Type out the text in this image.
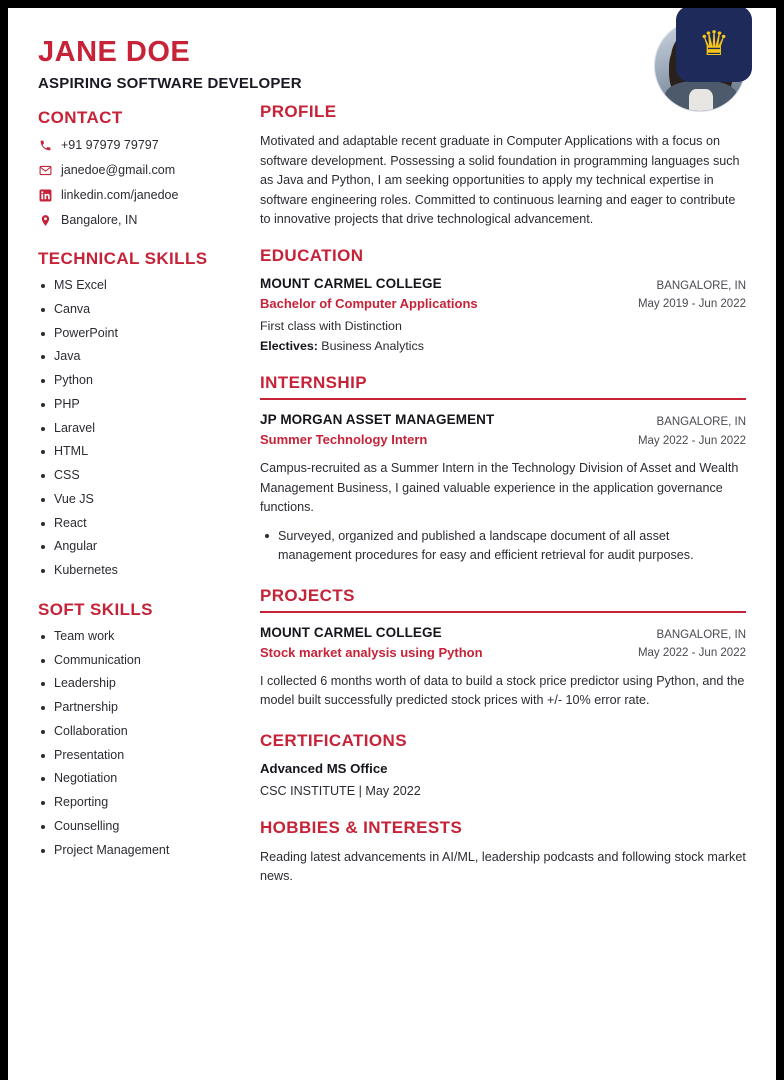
JANE DOE
ASPIRING SOFTWARE DEVELOPER
♛
CONTACT
+91 97979 79797
janedoe@gmail.com
linkedin.com/janedoe
Bangalore, IN
TECHNICAL SKILLS
MS Excel
Canva
PowerPoint
Java
Python
PHP
Laravel
HTML
CSS
Vue JS
React
Angular
Kubernetes
SOFT SKILLS
Team work
Communication
Leadership
Partnership
Collaboration
Presentation
Negotiation
Reporting
Counselling
Project Management
PROFILE

Motivated and adaptable recent graduate in Computer Applications with a focus on software development. Possessing a solid foundation in programming languages such as Java and Python, I am seeking opportunities to apply my technical expertise in software engineering roles. Committed to continuous learning and eager to contribute to innovative projects that drive technological advancement.

EDUCATION
MOUNT CARMEL COLLEGE
Bachelor of Computer Applications
BANGALORE, IN
May 2019 - Jun 2022
First class with Distinction
Electives: Business Analytics
INTERNSHIP
JP MORGAN ASSET MANAGEMENT
Summer Technology Intern
BANGALORE, IN
May 2022 - Jun 2022
Campus-recruited as a Summer Intern in the Technology Division of Asset and Wealth Management Business, I gained valuable experience in the application governance functions.
Surveyed, organized and published a landscape document of all asset management procedures for easy and efficient retrieval for audit purposes.
PROJECTS
MOUNT CARMEL COLLEGE
Stock market analysis using Python
BANGALORE, IN
May 2022 - Jun 2022
I collected 6 months worth of data to build a stock price predictor using Python, and the model built successfully predicted stock prices with +/- 10% error rate.
CERTIFICATIONS
Advanced MS Office
CSC INSTITUTE | May 2022
HOBBIES & INTERESTS
Reading latest advancements in AI/ML, leadership podcasts and following stock market news.
